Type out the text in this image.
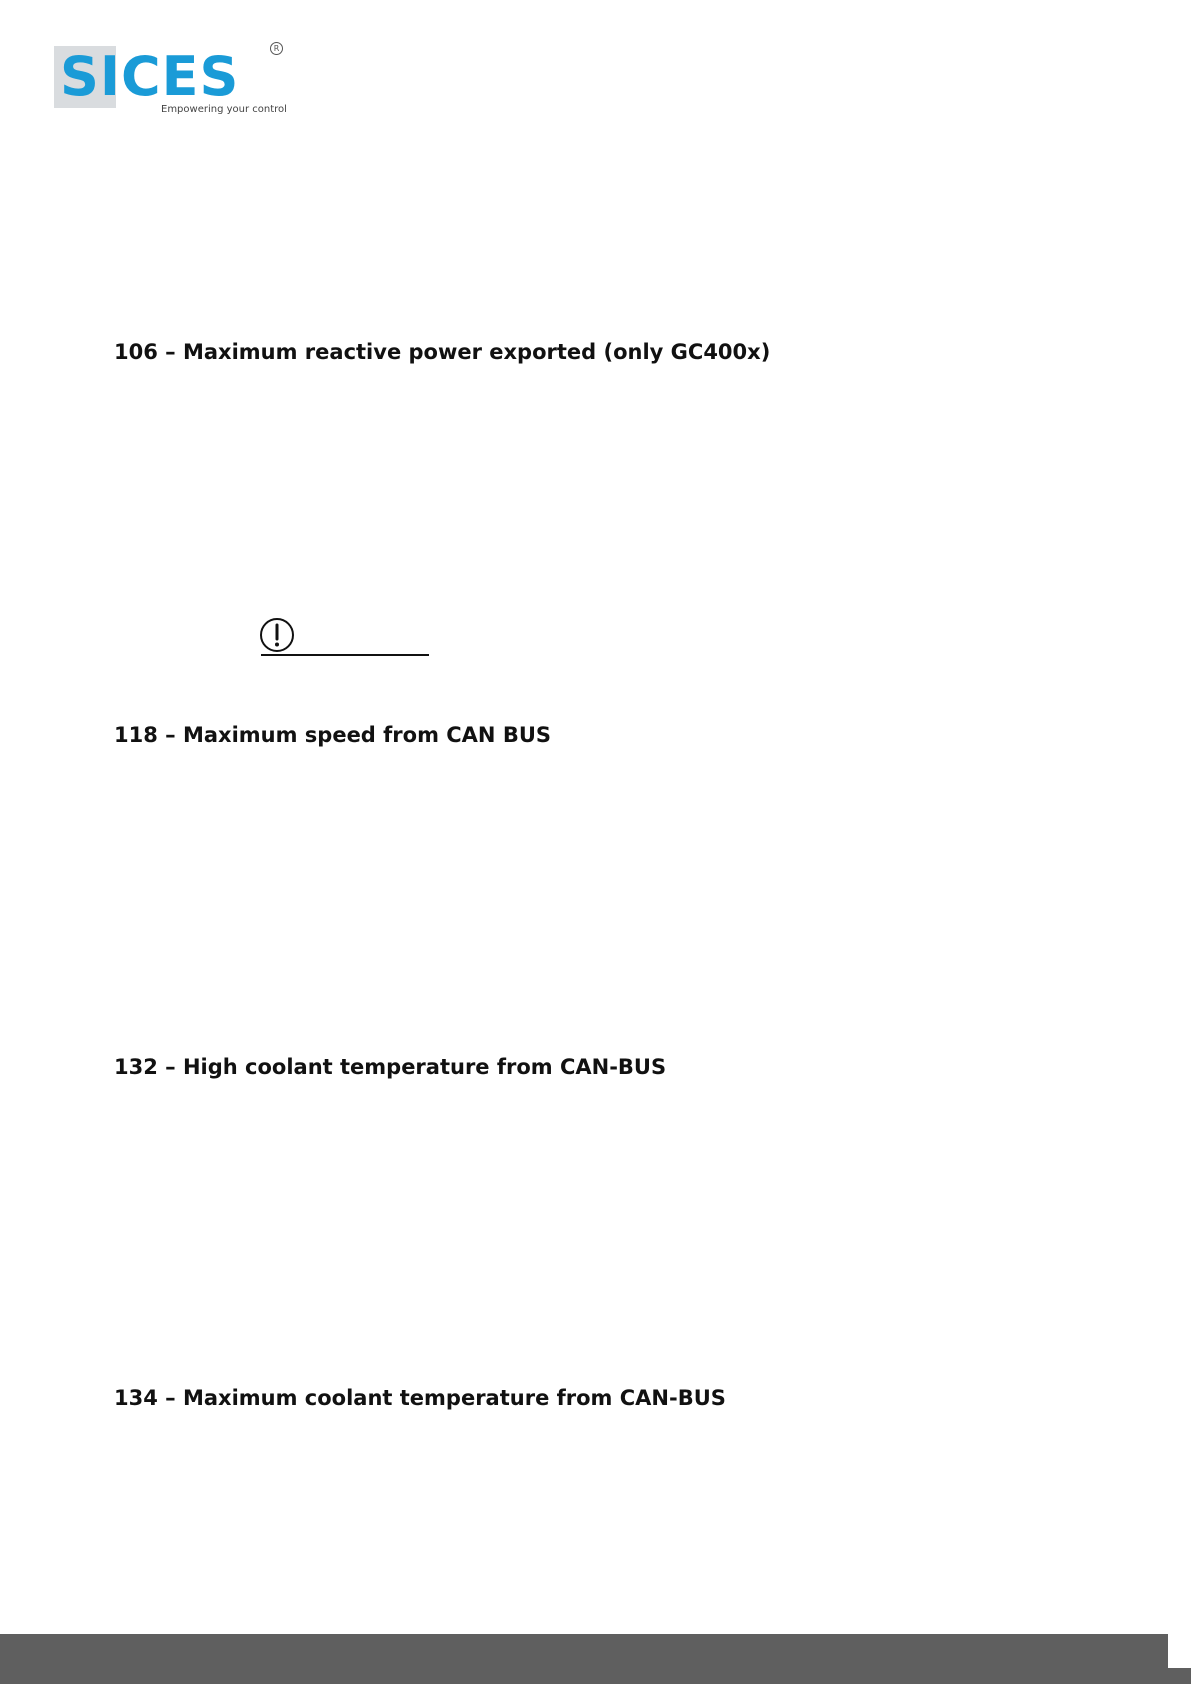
SICES	R
Empowering your control
106 – Maximum reactive power exported (only GC400x)
118 – Maximum speed from CAN BUS
132 – High coolant temperature from CAN-BUS
134 – Maximum coolant temperature from CAN-BUS
